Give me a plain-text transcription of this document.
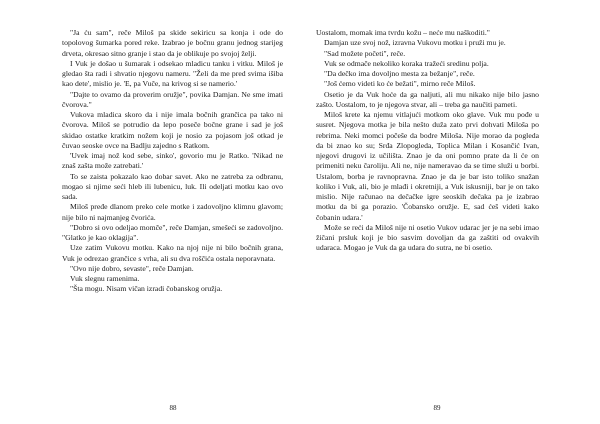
"Ja ću sam", reče Miloš pa skide sekiricu sa konja i ode do topolovog šumarka pored reke. Izabrao je bočnu granu jednog starijeg drveta, okresao sitno granje i stao da je oblikuje po svojoj želji.

I Vuk je došao u šumarak i odsekao mladicu tanku i vitku. Miloš je gledao šta radi i shvatio njegovu nameru. "Želi da me pred svima išiba kao dete', mislio je. 'E, pa Vuče, na krivog si se namerio.'

"Dajte to ovamo da proverim oružje", povika Damjan. Ne sme imati čvorova."

Vukova mladica skoro da i nije imala bočnih grančica pa tako ni čvorova. Miloš se potrudio da lepo poseče bočne grane i sad je još skidao ostatke kratkim nožem koji je nosio za pojasom još otkad je čuvao seoske ovce na Badlju zajedno s Ratkom.

'Uvek imaj nož kod sebe, sinko', govorio mu je Ratko. 'Nikad ne znaš zašta može zatrebati.'

To se zaista pokazalo kao dobar savet. Ako ne zatreba za odbranu, mogao si njime seći hleb ili lubenicu, luk. Ili odeljati motku kao ovo sada.

Miloš pređe dlanom preko cele motke i zadovoljno klimnu glavom; nije bilo ni najmanjeg čvorića.

"Dobro si ovo odeljao momče", reče Damjan, smešeći se zadovoljno. "Glatko je kao oklagija".

Uze zatim Vukovu motku. Kako na njoj nije ni bilo bočnih grana, Vuk je odrezao grančice s vrha, ali su dva roščića ostala neporavnata.

"Ovo nije dobro, sevaste", reče Damjan.

Vuk slegnu ramenima.

"Šta mogu. Nisam vičan izradi čobanskog oružja.

88

Uostalom, momak ima tvrdu kožu – neće mu naškoditi."

Damjan uze svoj nož, izravna Vukovu motku i pruži mu je.

"Sad možete početi", reče.

Vuk se odmače nekoliko koraka tražeći sredinu polja.

"Da dečko ima dovoljno mesta za bežanje", reče.

"Još ćemo videti ko će bežati", mirno reče Miloš.

Osetio je da Vuk hoće da ga naljuti, ali mu nikako nije bilo jasno zašto. Uostalom, to je njegova stvar, ali – treba ga naučiti pameti.

Miloš krete ka njemu vitlajući motkom oko glave. Vuk mu pođe u susret. Njegova motka je bila nešto duža zato prvi dohvati Miloša po rebrima. Neki momci počeše da bodre Miloša. Nije morao da pogleda da bi znao ko su; Srđa Zlopogleda, Toplica Milan i Kosančić Ivan, njegovi drugovi iz učilišta. Znao je da oni pomno prate da li će on primeniti neku čaroliju. Ali ne, nije nameravao da se time služi u borbi. Ustalom, borba je ravnopravna. Znao je da je bar isto toliko snažan koliko i Vuk, ali, bio je mlađi i okretniji, a Vuk iskusniji, bar je on tako mislio. Nije računao na dečačke igre seoskih dečaka pa je izabrao motku da bi ga porazio. 'Čobansko oružje. E, sad ćeš videti kako čobanin udara.'

Može se reći da Miloš nije ni osetio Vukov udarac jer je na sebi imao žičani prsluk koji je bio sasvim dovoljan da ga zaštiti od ovakvih udaraca. Mogao je Vuk da ga udara do sutra, ne bi osetio.

89
